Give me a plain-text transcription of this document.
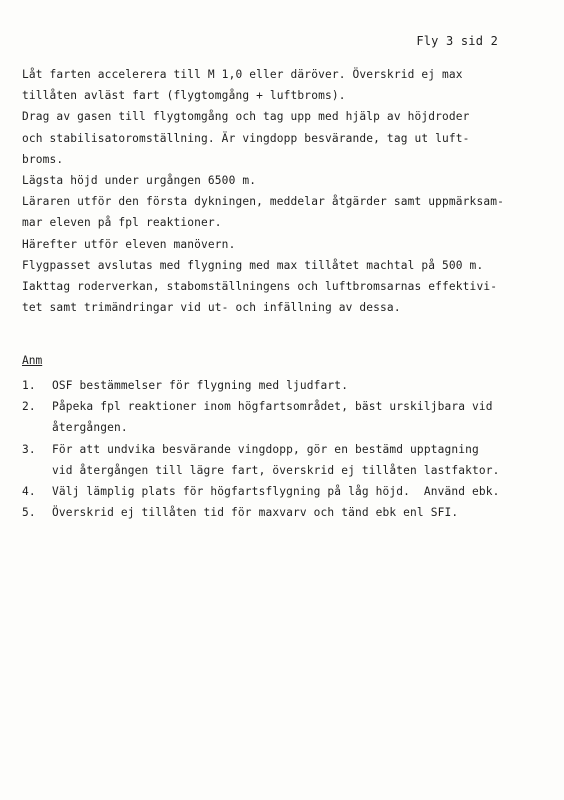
Fly 3 sid 2
Låt farten accelerera till M 1,0 eller däröver. Överskrid ej max
tillåten avläst fart (flygtomgång + luftbroms).
Drag av gasen till flygtomgång och tag upp med hjälp av höjdroder
och stabilisatoromställning. Är vingdopp besvärande, tag ut luft-
broms.
Lägsta höjd under urgången 6500 m.
Läraren utför den första dykningen, meddelar åtgärder samt uppmärksam-
mar eleven på fpl reaktioner.
Härefter utför eleven manövern.
Flygpasset avslutas med flygning med max tillåtet machtal på 500 m.
Iakttag roderverkan, stabomställningens och luftbromsarnas effektivi-
tet samt trimändringar vid ut- och infällning av dessa.
Anm
1.	OSF bestämmelser för flygning med ljudfart.
2.	Påpeka fpl reaktioner inom högfartsområdet, bäst urskiljbara vid
återgången.
3.	För att undvika besvärande vingdopp, gör en bestämd upptagning
vid återgången till lägre fart, överskrid ej tillåten lastfaktor.
4.	Välj lämplig plats för högfartsflygning på låg höjd.  Använd ebk.
5.	Överskrid ej tillåten tid för maxvarv och tänd ebk enl SFI.
